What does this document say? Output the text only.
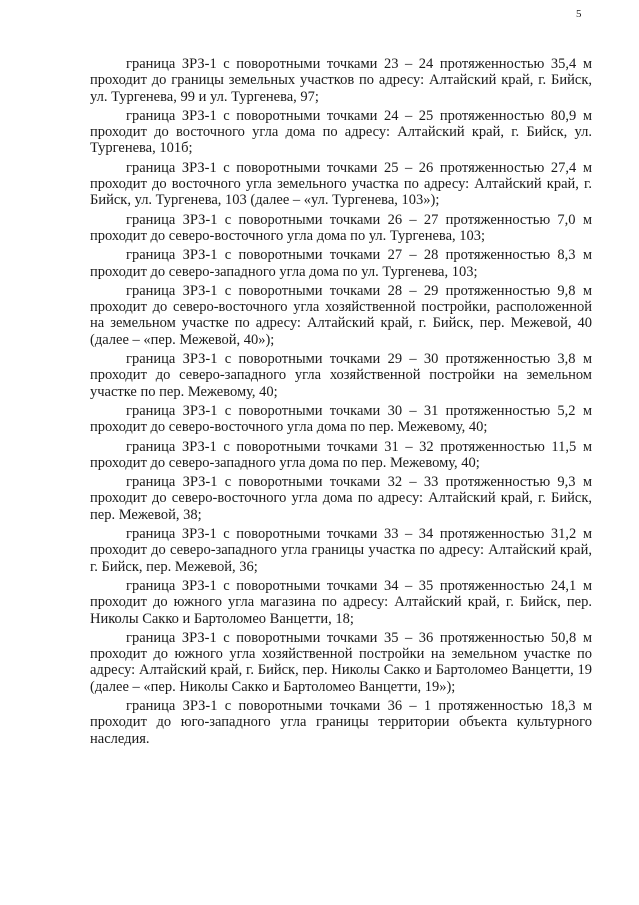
5

граница ЗРЗ-1 с поворотными точками 23 – 24 протяженностью 35,4 м проходит до границы земельных участков по адресу: Алтайский край, г. Бийск, ул. Тургенева, 99 и ул. Тургенева, 97;

граница ЗРЗ-1 с поворотными точками 24 – 25 протяженностью 80,9 м проходит до восточного угла дома по адресу: Алтайский край, г. Бийск, ул. Тургенева, 101б;

граница ЗРЗ-1 с поворотными точками 25 – 26 протяженностью 27,4 м проходит до восточного угла земельного участка по адресу: Алтайский край, г. Бийск, ул. Тургенева, 103 (далее – «ул. Тургенева, 103»);

граница ЗРЗ-1 с поворотными точками 26 – 27 протяженностью 7,0 м проходит до северо-восточного угла дома по ул. Тургенева, 103;

граница ЗРЗ-1 с поворотными точками 27 – 28 протяженностью 8,3 м проходит до северо-западного угла дома по ул. Тургенева, 103;

граница ЗРЗ-1 с поворотными точками 28 – 29 протяженностью 9,8 м проходит до северо-восточного угла хозяйственной постройки, расположенной на земельном участке по адресу: Алтайский край, г. Бийск, пер. Межевой, 40 (далее – «пер. Межевой, 40»);

граница ЗРЗ-1 с поворотными точками 29 – 30 протяженностью 3,8 м проходит до северо-западного угла хозяйственной постройки на земельном участке по пер. Межевому, 40;

граница ЗРЗ-1 с поворотными точками 30 – 31 протяженностью 5,2 м проходит до северо-восточного угла дома по пер. Межевому, 40;

граница ЗРЗ-1 с поворотными точками 31 – 32 протяженностью 11,5 м проходит до северо-западного угла дома по пер. Межевому, 40;

граница ЗРЗ-1 с поворотными точками 32 – 33 протяженностью 9,3 м проходит до северо-восточного угла дома по адресу: Алтайский край, г. Бийск, пер. Межевой, 38;

граница ЗРЗ-1 с поворотными точками 33 – 34 протяженностью 31,2 м проходит до северо-западного угла границы участка по адресу: Алтайский край, г. Бийск, пер. Межевой, 36;

граница ЗРЗ-1 с поворотными точками 34 – 35 протяженностью 24,1 м проходит до южного угла магазина по адресу: Алтайский край, г. Бийск, пер. Николы Сакко и Бартоломео Ванцетти, 18;

граница ЗРЗ-1 с поворотными точками 35 – 36 протяженностью 50,8 м проходит до южного угла хозяйственной постройки на земельном участке по адресу: Алтайский край, г. Бийск, пер. Николы Сакко и Бартоломео Ванцетти, 19 (далее – «пер. Николы Сакко и Бартоломео Ванцетти, 19»);

граница ЗРЗ-1 с поворотными точками 36 – 1 протяженностью 18,3 м проходит до юго-западного угла границы территории объекта культурного наследия.
